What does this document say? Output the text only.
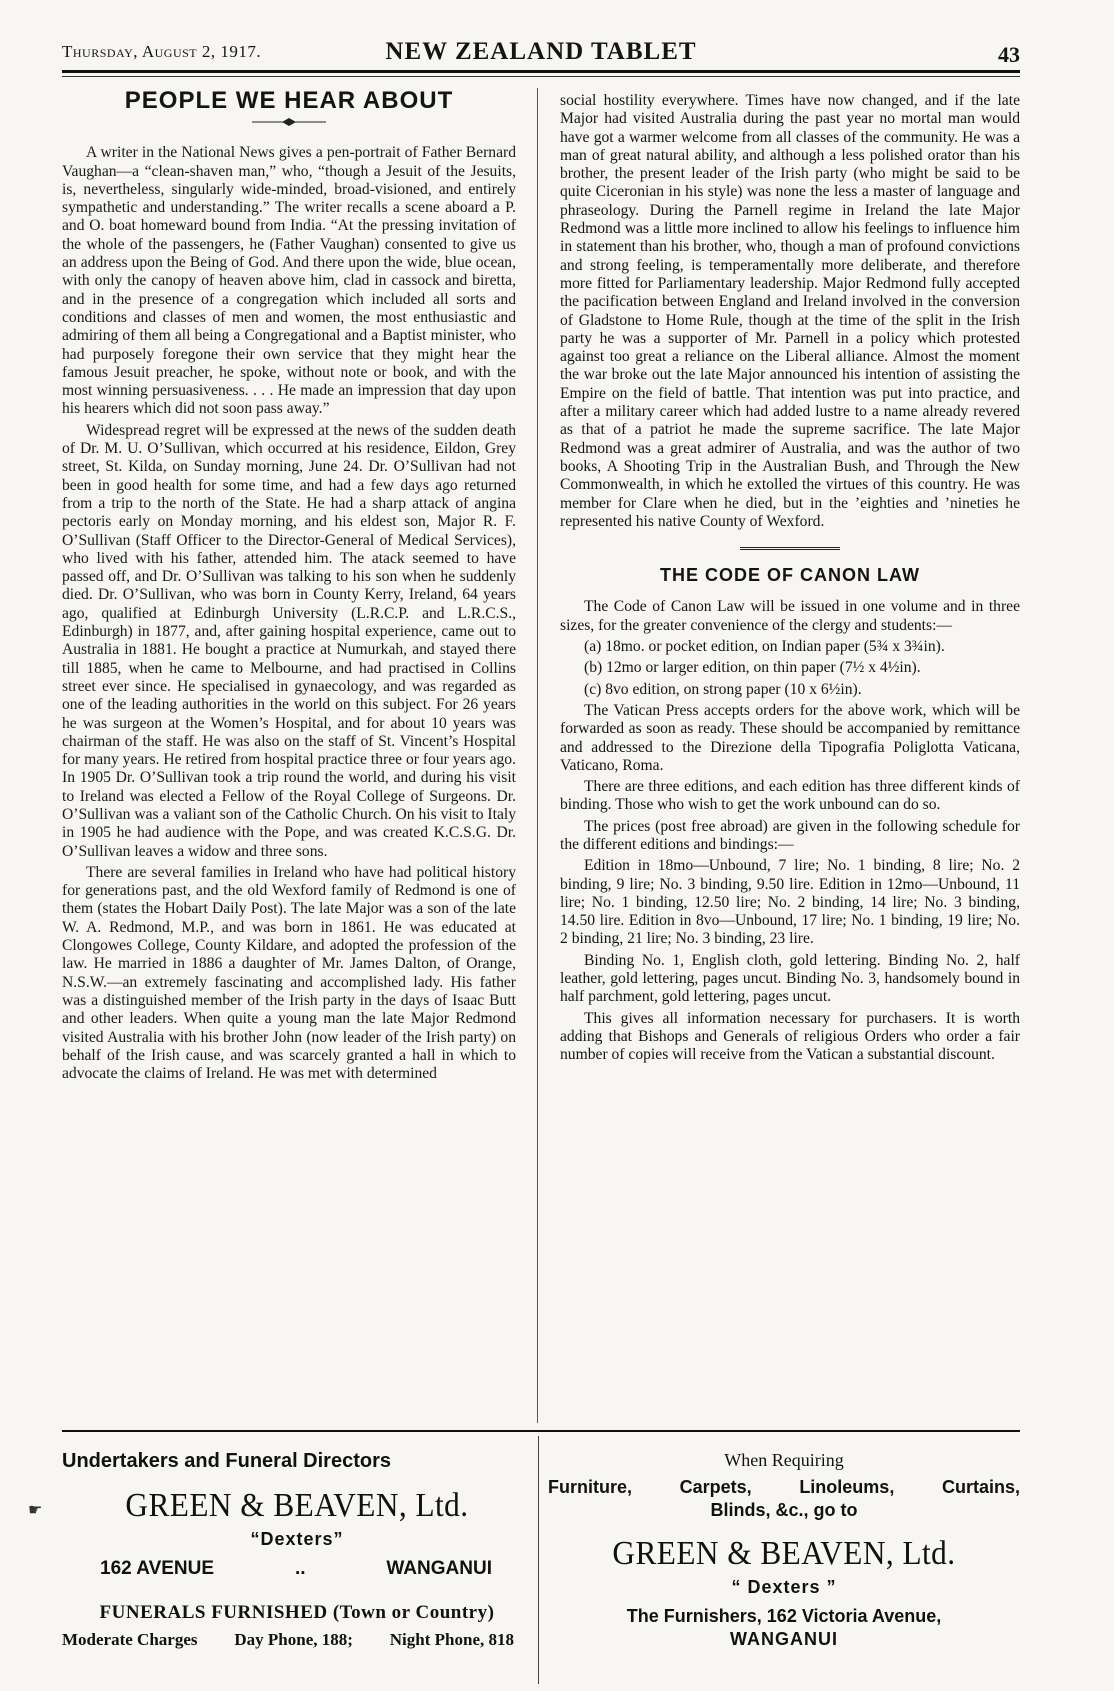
Thursday, August 2, 1917.	NEW ZEALAND TABLET	43
PEOPLE WE HEAR ABOUT

A writer in the National News gives a pen-portrait of Father Bernard Vaughan—a “clean-shaven man,” who, “though a Jesuit of the Jesuits, is, nevertheless, singularly wide-minded, broad-visioned, and entirely sympathetic and understanding.” The writer recalls a scene aboard a P. and O. boat homeward bound from India. “At the pressing invitation of the whole of the passengers, he (Father Vaughan) consented to give us an address upon the Being of God. And there upon the wide, blue ocean, with only the canopy of heaven above him, clad in cassock and biretta, and in the presence of a congregation which included all sorts and conditions and classes of men and women, the most enthusiastic and admiring of them all being a Congregational and a Baptist minister, who had purposely foregone their own service that they might hear the famous Jesuit preacher, he spoke, without note or book, and with the most winning persuasiveness. . . . He made an impression that day upon his hearers which did not soon pass away.”

Widespread regret will be expressed at the news of the sudden death of Dr. M. U. O’Sullivan, which occurred at his residence, Eildon, Grey street, St. Kilda, on Sunday morning, June 24. Dr. O’Sullivan had not been in good health for some time, and had a few days ago returned from a trip to the north of the State. He had a sharp attack of angina pectoris early on Monday morning, and his eldest son, Major R. F. O’Sullivan (Staff Officer to the Director-General of Medical Services), who lived with his father, attended him. The atack seemed to have passed off, and Dr. O’Sullivan was talking to his son when he suddenly died. Dr. O’Sullivan, who was born in County Kerry, Ireland, 64 years ago, qualified at Edinburgh University (L.R.C.P. and L.R.C.S., Edinburgh) in 1877, and, after gaining hospital experience, came out to Australia in 1881. He bought a practice at Numurkah, and stayed there till 1885, when he came to Melbourne, and had practised in Collins street ever since. He specialised in gynaecology, and was regarded as one of the leading authorities in the world on this subject. For 26 years he was surgeon at the Women’s Hospital, and for about 10 years was chairman of the staff. He was also on the staff of St. Vincent’s Hospital for many years. He retired from hospital practice three or four years ago. In 1905 Dr. O’Sullivan took a trip round the world, and during his visit to Ireland was elected a Fellow of the Royal College of Surgeons. Dr. O’Sullivan was a valiant son of the Catholic Church. On his visit to Italy in 1905 he had audience with the Pope, and was created K.C.S.G. Dr. O’Sullivan leaves a widow and three sons.

There are several families in Ireland who have had political history for generations past, and the old Wexford family of Redmond is one of them (states the Hobart Daily Post). The late Major was a son of the late W. A. Redmond, M.P., and was born in 1861. He was educated at Clongowes College, County Kildare, and adopted the profession of the law. He married in 1886 a daughter of Mr. James Dalton, of Orange, N.S.W.—an extremely fascinating and accomplished lady. His father was a distinguished member of the Irish party in the days of Isaac Butt and other leaders. When quite a young man the late Major Redmond visited Australia with his brother John (now leader of the Irish party) on behalf of the Irish cause, and was scarcely granted a hall in which to advocate the claims of Ireland. He was met with determined

social hostility everywhere. Times have now changed, and if the late Major had visited Australia during the past year no mortal man would have got a warmer welcome from all classes of the community. He was a man of great natural ability, and although a less polished orator than his brother, the present leader of the Irish party (who might be said to be quite Ciceronian in his style) was none the less a master of language and phraseology. During the Parnell regime in Ireland the late Major Redmond was a little more inclined to allow his feelings to influence him in statement than his brother, who, though a man of profound convictions and strong feeling, is temperamentally more deliberate, and therefore more fitted for Parliamentary leadership. Major Redmond fully accepted the pacification between England and Ireland involved in the conversion of Gladstone to Home Rule, though at the time of the split in the Irish party he was a supporter of Mr. Parnell in a policy which protested against too great a reliance on the Liberal alliance. Almost the moment the war broke out the late Major announced his intention of assisting the Empire on the field of battle. That intention was put into practice, and after a military career which had added lustre to a name already revered as that of a patriot he made the supreme sacrifice. The late Major Redmond was a great admirer of Australia, and was the author of two books, A Shooting Trip in the Australian Bush, and Through the New Commonwealth, in which he extolled the virtues of this country. He was member for Clare when he died, but in the ’eighties and ’nineties he represented his native County of Wexford.

THE CODE OF CANON LAW

The Code of Canon Law will be issued in one volume and in three sizes, for the greater convenience of the clergy and students:—

(a) 18mo. or pocket edition, on Indian paper (5¾ x 3¾in).

(b) 12mo or larger edition, on thin paper (7½ x 4½in).

(c) 8vo edition, on strong paper (10 x 6½in).

The Vatican Press accepts orders for the above work, which will be forwarded as soon as ready. These should be accompanied by remittance and addressed to the Direzione della Tipografia Poliglotta Vaticana, Vaticano, Roma.

There are three editions, and each edition has three different kinds of binding. Those who wish to get the work unbound can do so.

The prices (post free abroad) are given in the following schedule for the different editions and bindings:—

Edition in 18mo—Unbound, 7 lire; No. 1 binding, 8 lire; No. 2 binding, 9 lire; No. 3 binding, 9.50 lire. Edition in 12mo—Unbound, 11 lire; No. 1 binding, 12.50 lire; No. 2 binding, 14 lire; No. 3 binding, 14.50 lire. Edition in 8vo—Unbound, 17 lire; No. 1 binding, 19 lire; No. 2 binding, 21 lire; No. 3 binding, 23 lire.

Binding No. 1, English cloth, gold lettering. Binding No. 2, half leather, gold lettering, pages uncut. Binding No. 3, handsomely bound in half parchment, gold lettering, pages uncut.

This gives all information necessary for purchasers. It is worth adding that Bishops and Generals of religious Orders who order a fair number of copies will receive from the Vatican a substantial discount.

☛
Undertakers and Funeral Directors
GREEN & BEAVEN, Ltd.
“Dexters”
162 AVENUE	..	WANGANUI
FUNERALS FURNISHED (Town or Country)
Moderate Charges Day Phone, 188; Night Phone, 818
When Requiring
Furniture,	Carpets,	Linoleums,	Curtains,
Blinds, &c., go to
GREEN & BEAVEN, Ltd.
“ Dexters ”
The Furnishers, 162 Victoria Avenue,
WANGANUI
